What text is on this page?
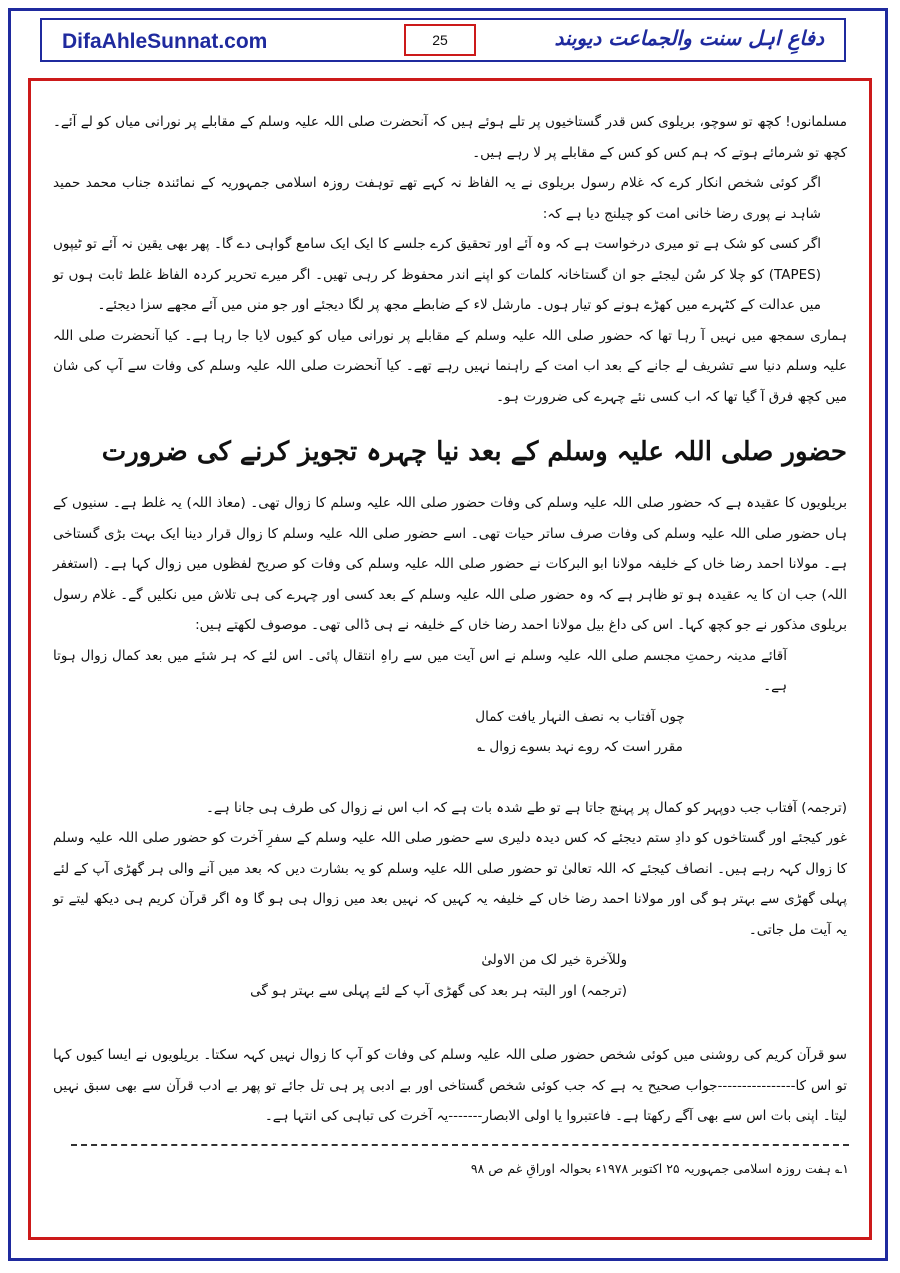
DifaAhleSunnat.com	25	دفاعِ اہل سنت والجماعت دیوبند

مسلمانوں! کچھ تو سوچو، بریلوی کس قدر گستاخیوں پر تلے ہوئے ہیں کہ آنحضرت صلی اللہ علیہ وسلم کے مقابلے پر نورانی میاں کو لے آئے۔ کچھ تو شرمائے ہوتے کہ ہم کس کو کس کے مقابلے پر لا رہے ہیں۔

اگر کوئی شخص انکار کرے کہ غلام رسول بریلوی نے یہ الفاظ نہ کہے تھے توہفت روزہ اسلامی جمہوریہ کے نمائندہ جناب محمد حمید شاہد نے پوری رضا خانی امت کو چیلنج دیا ہے کہ:

اگر کسی کو شک ہے تو میری درخواست ہے کہ وہ آئے اور تحقیق کرے جلسے کا ایک ایک سامع گواہی دے گا۔ پھر بھی یقین نہ آئے تو ٹیپوں (TAPES) کو چلا کر سُن لیجئے جو ان گستاخانہ کلمات کو اپنے اندر محفوظ کر رہی تھیں۔ اگر میرے تحریر کردہ الفاظ غلط ثابت ہوں تو میں عدالت کے کٹہرے میں کھڑے ہونے کو تیار ہوں۔ مارشل لاء کے ضابطے مجھ پر لگا دیجئے اور جو منں میں آئے مجھے سزا دیجئے۔

ہماری سمجھ میں نہیں آ رہا تھا کہ حضور صلی اللہ علیہ وسلم کے مقابلے پر نورانی میاں کو کیوں لایا جا رہا ہے۔ کیا آنحضرت صلی اللہ علیہ وسلم دنیا سے تشریف لے جانے کے بعد اب امت کے راہنما نہیں رہے تھے۔ کیا آنحضرت صلی اللہ علیہ وسلم کی وفات سے آپ کی شان میں کچھ فرق آ گیا تھا کہ اب کسی نئے چہرے کی ضرورت ہو۔

حضور صلی اللہ علیہ وسلم کے بعد نیا چہرہ تجویز کرنے کی ضرورت

بریلویوں کا عقیدہ ہے کہ حضور صلی اللہ علیہ وسلم کی وفات حضور صلی اللہ علیہ وسلم کا زوال تھی۔ (معاذ اللہ) یہ غلط ہے۔ سنیوں کے ہاں حضور صلی اللہ علیہ وسلم کی وفات صرف ساتر حیات تھی۔ اسے حضور صلی اللہ علیہ وسلم کا زوال قرار دینا ایک بہت بڑی گستاخی ہے۔ مولانا احمد رضا خاں کے خلیفہ مولانا ابو البرکات نے حضور صلی اللہ علیہ وسلم کی وفات کو صریح لفظوں میں زوال کہا ہے۔ (استغفر اللہ) جب ان کا یہ عقیدہ ہو تو ظاہر ہے کہ وہ حضور صلی اللہ علیہ وسلم کے بعد کسی اور چہرے کی ہی تلاش میں نکلیں گے۔ غلام رسول بریلوی مذکور نے جو کچھ کہا۔ اس کی داغ بیل مولانا احمد رضا خاں کے خلیفہ نے ہی ڈالی تھی۔ موصوف لکھتے ہیں:

آقائے مدینہ رحمتِ مجسم صلی اللہ علیہ وسلم نے اس آیت میں سے راہِ انتقال پائی۔ اس لئے کہ ہر شئے میں بعد کمال زوال ہوتا ہے۔

چوں آفتاب بہ نصف النہار یافت کمال

مقرر است کہ روے نہد بسوے زوال ؎

(ترجمہ) آفتاب جب دوپہر کو کمال پر پہنچ جاتا ہے تو طے شدہ بات ہے کہ اب اس نے زوال کی طرف ہی جانا ہے۔

غور کیجئے اور گستاخوں کو دادِ ستم دیجئے کہ کس دیدہ دلیری سے حضور صلی اللہ علیہ وسلم کے سفرِ آخرت کو حضور صلی اللہ علیہ وسلم کا زوال کہہ رہے ہیں۔ انصاف کیجئے کہ اللہ تعالیٰ تو حضور صلی اللہ علیہ وسلم کو یہ بشارت دیں کہ بعد میں آنے والی ہر گھڑی آپ کے لئے پہلی گھڑی سے بہتر ہو گی اور مولانا احمد رضا خاں کے خلیفہ یہ کہیں کہ نہیں بعد میں زوال ہی ہو گا وہ اگر قرآن کریم ہی دیکھ لیتے تو یہ آیت مل جاتی۔

وللآخرة خیر لک من الاولیٰ

(ترجمہ) اور البتہ ہر بعد کی گھڑی آپ کے لئے پہلی سے بہتر ہو گی

سو قرآن کریم کی روشنی میں کوئی شخص حضور صلی اللہ علیہ وسلم کی وفات کو آپ کا زوال نہیں کہہ سکتا۔ بریلویوں نے ایسا کیوں کہا تو اس کا----------------جواب صحیح یہ ہے کہ جب کوئی شخص گستاخی اور بے ادبی پر ہی تل جائے تو پھر بے ادب قرآن سے بھی سبق نہیں لیتا۔ اپنی بات اس سے بھی آگے رکھتا ہے۔ فاعتبروا یا اولی الابصار-------یہ آخرت کی تباہی کی انتہا ہے۔

۱؎ ہفت روزہ اسلامی جمہوریہ ۲۵ اکتوبر ۱۹۷۸ء بحوالہ اوراقِ غم ص ۹۸
